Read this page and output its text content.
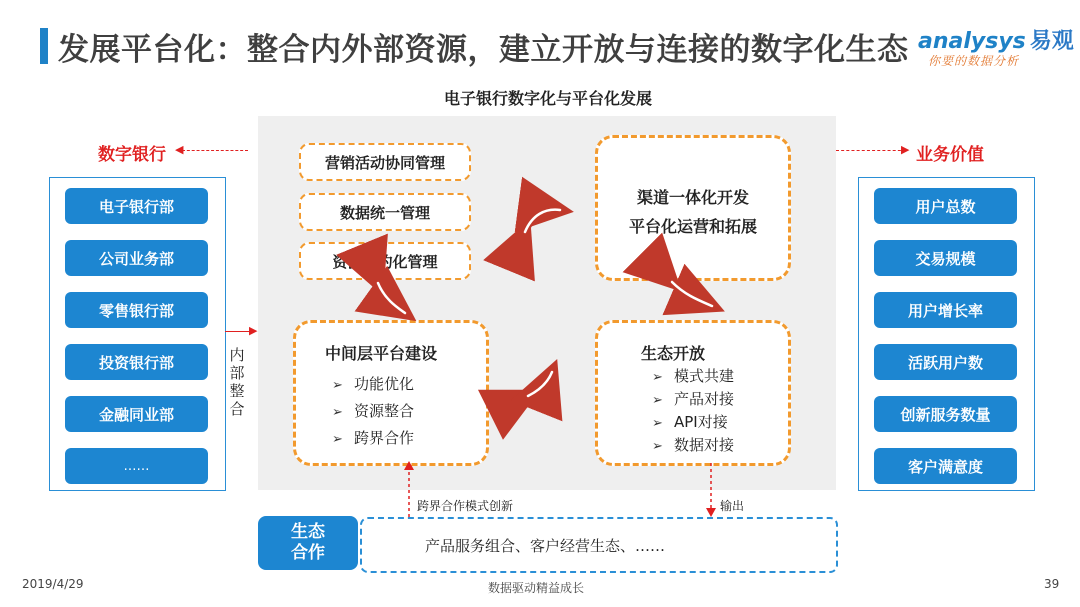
发展平台化：整合内外部资源，建立开放与连接的数字化生态 analysys 易观
你要的数据分析
电子银行数字化与平台化发展
数字银行 ◀	业务价值
▶
电子银行部
公司业务部
零售银行部
投资银行部
金融同业部
……
▶
内部整合
用户总数
交易规模
用户增长率
活跃用户数
创新服务数量
客户满意度
营销活动协同管理
数据统一管理
资源集约化管理
渠道一体化开发
平台化运营和拓展
中间层平台建设
➢ 功能优化
➢ 资源整合
➢ 跨界合作
生态开放
➢ 模式共建
➢ 产品对接
➢ API对接
➢ 数据对接
跨界合作模式创新	输出
生态
合作	产品服务组合、客户经营生态、……
2019/4/29	数据驱动精益成长	39
